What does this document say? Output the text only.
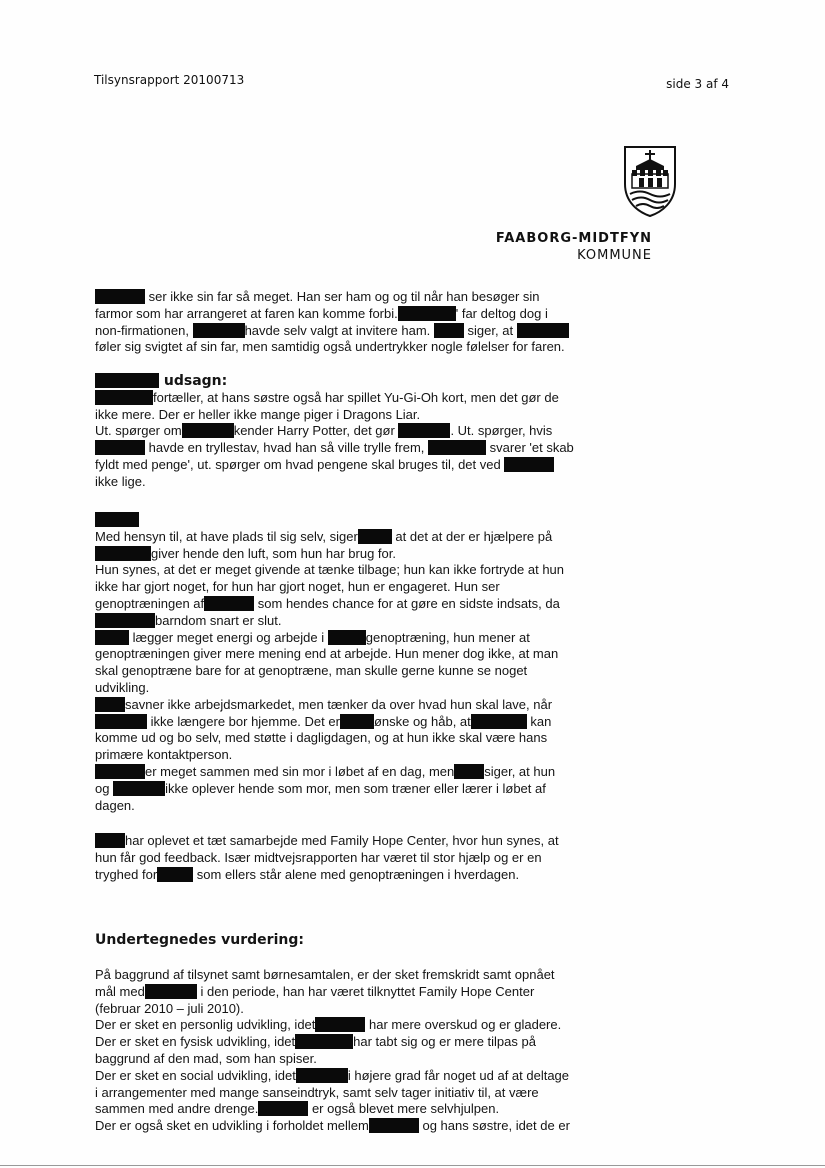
Tilsynsrapport 20100713	side 3 af 4
FAABORG-MIDTFYN
KOMMUNE

ser ikke sin far så meget. Han ser ham og og til når han besøger sin

farmor som har arrangeret at faren kan komme forbi.	' far deltog dog i

non-firmationen,	havde selv valgt at invitere ham.	siger, at

føler sig svigtet af sin far, men samtidig også undertrykker nogle følelser for faren.

udsagn:

fortæller, at hans søstre også har spillet Yu-Gi-Oh kort, men det gør de

ikke mere. Der er heller ikke mange piger i Dragons Liar.

Ut. spørger om	kender Harry Potter, det gør	. Ut. spørger, hvis

havde en tryllestav, hvad han så ville trylle frem,	svarer 'et skab

fyldt med penge', ut. spørger om hvad pengene skal bruges til, det ved

ikke lige.

Med hensyn til, at have plads til sig selv, siger	at det at der er hjælpere på

giver hende den luft, som hun har brug for.

Hun synes, at det er meget givende at tænke tilbage; hun kan ikke fortryde at hun

ikke har gjort noget, for hun har gjort noget, hun er engageret. Hun ser

genoptræningen af	som hendes chance for at gøre en sidste indsats, da

barndom snart er slut.

lægger meget energi og arbejde i	genoptræning, hun mener at

genoptræningen giver mere mening end at arbejde. Hun mener dog ikke, at man

skal genoptræne bare for at genoptræne, man skulle gerne kunne se noget

udvikling.

savner ikke arbejdsmarkedet, men tænker da over hvad hun skal lave, når

ikke længere bor hjemme. Det er	ønske og håb, at	kan

komme ud og bo selv, med støtte i dagligdagen, og at hun ikke skal være hans

primære kontaktperson.

er meget sammen med sin mor i løbet af en dag, men siger, at hun

og	ikke oplever hende som mor, men som træner eller lærer i løbet af

dagen.

har oplevet et tæt samarbejde med Family Hope Center, hvor hun synes, at

hun får god feedback. Især midtvejsrapporten har været til stor hjælp og er en

tryghed for	som ellers står alene med genoptræningen i hverdagen.

Undertegnedes vurdering:

På baggrund af tilsynet samt børnesamtalen, er der sket fremskridt samt opnået

mål med	i den periode, han har været tilknyttet Family Hope Center

(februar 2010 – juli 2010).

Der er sket en personlig udvikling, idet	har mere overskud og er gladere.

Der er sket en fysisk udvikling, idet	har tabt sig og er mere tilpas på

baggrund af den mad, som han spiser.

Der er sket en social udvikling, idet	i højere grad får noget ud af at deltage

i arrangementer med mange sanseindtryk, samt selv tager initiativ til, at være

sammen med andre drenge.	er også blevet mere selvhjulpen.

Der er også sket en udvikling i forholdet mellem	og hans søstre, idet de er
